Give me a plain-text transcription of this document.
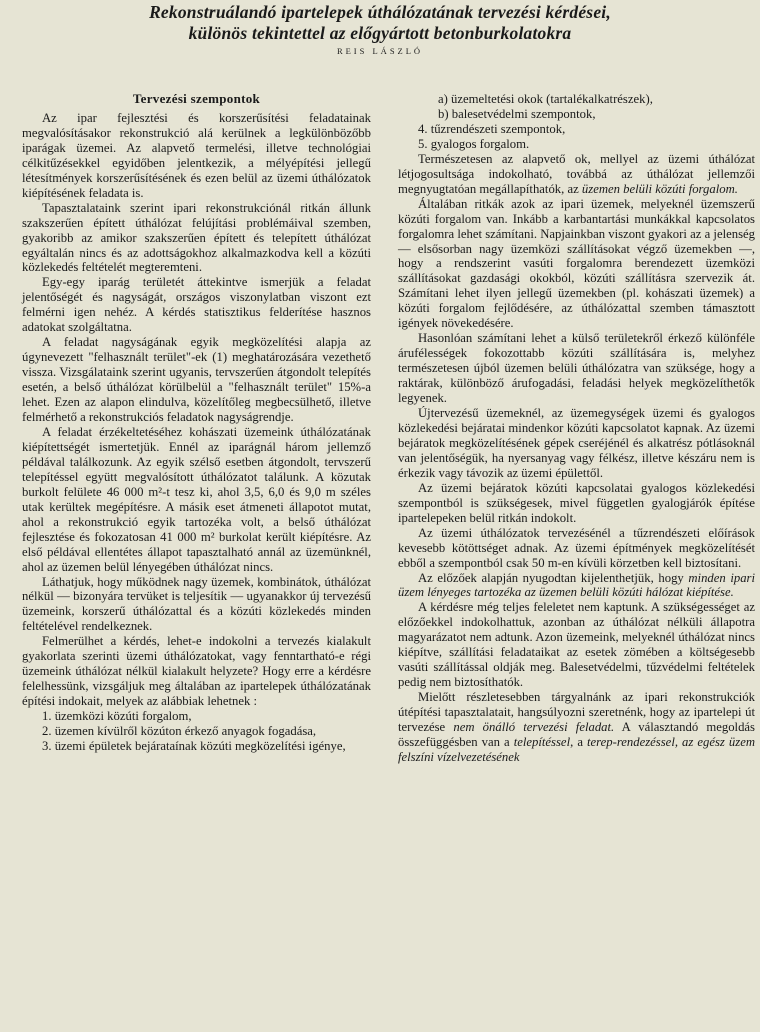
Rekonstruálandó ipartelepek úthálózatának tervezési kérdései,
különös tekintettel az előgyártott betonburkolatokra
REIS LÁSZLÓ
Tervezési szempontok

Az ipar fejlesztési és korszerűsítési feladatainak megvalósításakor rekonstrukció alá kerülnek a legkülönbözőbb iparágak üzemei. Az alapvető termelési, illetve technológiai célkitűzésekkel egyidőben jelentkezik, a mélyépítési jellegű létesítmények korszerűsítésének és ezen belül az üzemi úthálózatok kiépítésének feladata is.

Tapasztalataink szerint ipari rekonstrukciónál ritkán állunk szakszerűen épített úthálózat felújítási problémáival szemben, gyakoribb az amikor szakszerűen épített és telepített úthálózat egyáltalán nincs és az adottságokhoz alkalmazkodva kell a közúti közlekedés feltételét megteremteni.

Egy-egy iparág területét áttekintve ismerjük a feladat jelentőségét és nagyságát, országos viszonylatban viszont ezt felmérni igen nehéz. A kérdés statisztikus felderítése hasznos adatokat szolgáltatna.

A feladat nagyságának egyik megközelítési alapja az úgynevezett "felhasznált terület"-ek (1) meghatározására vezethető vissza. Vizsgálataink szerint ugyanis, tervszerűen átgondolt telepítés esetén, a belső úthálózat körülbelül a "felhasznált terület" 15%-a lehet. Ezen az alapon elindulva, közelítőleg megbecsülhető, illetve felmérhető a rekonstrukciós feladatok nagyságrendje.

A feladat érzékeltetéséhez kohászati üzemeink úthálózatának kiépítettségét ismertetjük. Ennél az iparágnál három jellemző példával találkozunk. Az egyik szélső esetben átgondolt, tervszerű telepítéssel együtt megvalósított úthálózatot találunk. A közutak burkolt felülete 46 000 m²-t tesz ki, ahol 3,5, 6,0 és 9,0 m széles utak kerültek megépítésre. A másik eset átmeneti állapotot mutat, ahol a rekonstrukció egyik tartozéka volt, a belső úthálózat fejlesztése és fokozatosan 41 000 m² burkolat került kiépítésre. Az első példával ellentétes állapot tapasztalható annál az üzemünknél, ahol az üzemen belül lényegében úthálózat nincs.

Láthatjuk, hogy működnek nagy üzemek, kombinátok, úthálózat nélkül — bizonyára tervüket is teljesítik — ugyanakkor új tervezésű üzemeink, korszerű úthálózattal és a közúti közlekedés minden feltételével rendelkeznek.

Felmerülhet a kérdés, lehet-e indokolni a tervezés kialakult gyakorlata szerinti üzemi úthálózatokat, vagy fenntartható-e régi üzemeink úthálózat nélkül kialakult helyzete? Hogy erre a kérdésre felelhessünk, vizsgáljuk meg általában az ipartelepek úthálózatának építési indokait, melyek az alábbiak lehetnek :

1. üzemközi közúti forgalom,

2. üzemen kívülről közúton érkező anyagok fogadása,

3. üzemi épületek bejárataínak közúti megközelítési igénye,

a) üzemeltetési okok (tartalékalkatrészek),

b) balesetvédelmi szempontok,

4. tűzrendészeti szempontok,

5. gyalogos forgalom.

Természetesen az alapvető ok, mellyel az üzemi úthálózat létjogosultsága indokolható, továbbá az úthálózat jellemzői megnyugtatóan megállapíthatók, az üzemen belüli közúti forgalom.

Általában ritkák azok az ipari üzemek, melyeknél üzemszerű közúti forgalom van. Inkább a karbantartási munkákkal kapcsolatos forgalomra lehet számítani. Napjainkban viszont gyakori az a jelenség — elsősorban nagy üzemközi szállításokat végző üzemekben —, hogy a rendszerint vasúti forgalomra berendezett üzemközi szállításokat gazdasági okokból, közúti szállításra szervezik át. Számítani lehet ilyen jellegű üzemekben (pl. kohászati üzemek) a közúti forgalom fejlődésére, az úthálózattal szemben támasztott igények növekedésére.

Hasonlóan számítani lehet a külső területekről érkező különféle árufélességek fokozottabb közúti szállítására is, melyhez természetesen újból üzemen belüli úthálózatra van szüksége, hogy a raktárak, különböző árufogadási, feladási helyek megközelíthetők legyenek.

Újtervezésű üzemeknél, az üzemegységek üzemi és gyalogos közlekedési bejáratai mindenkor közúti kapcsolatot kapnak. Az üzemi bejáratok megközelítésének gépek cseréjénél és alkatrész pótlásoknál van jelentőségük, ha nyersanyag vagy félkész, illetve készáru nem is érkezik vagy távozik az üzemi épülettől.

Az üzemi bejáratok közúti kapcsolatai gyalogos közlekedési szempontból is szükségesek, mivel független gyalogjárók építése ipartelepeken belül ritkán indokolt.

Az üzemi úthálózatok tervezésénél a tűzrendészeti előírások kevesebb kötöttséget adnak. Az üzemi építmények megközelítését ebből a szempontból csak 50 m-en kívüli körzetben kell biztosítani.

Az előzőek alapján nyugodtan kijelenthetjük, hogy minden ipari üzem lényeges tartozéka az üzemen belüli közúti hálózat kiépítése.

A kérdésre még teljes feleletet nem kaptunk. A szükségességet az előzőekkel indokolhattuk, azonban az úthálózat nélküli állapotra magyarázatot nem adtunk. Azon üzemeink, melyeknél úthálózat nincs kiépítve, szállítási feladataikat az esetek zömében a költségesebb vasúti szállítással oldják meg. Balesetvédelmi, tűzvédelmi feltételek pedig nem biztosíthatók.

Mielőtt részletesebben tárgyalnánk az ipari rekonstrukciók útépítési tapasztalatait, hangsúlyozni szeretnénk, hogy az ipartelepi út tervezése nem önálló tervezési feladat. A választandó megoldás összefüggésben van a telepítéssel, a terep-rendezéssel, az egész üzem felszíni vízelvezetésének
